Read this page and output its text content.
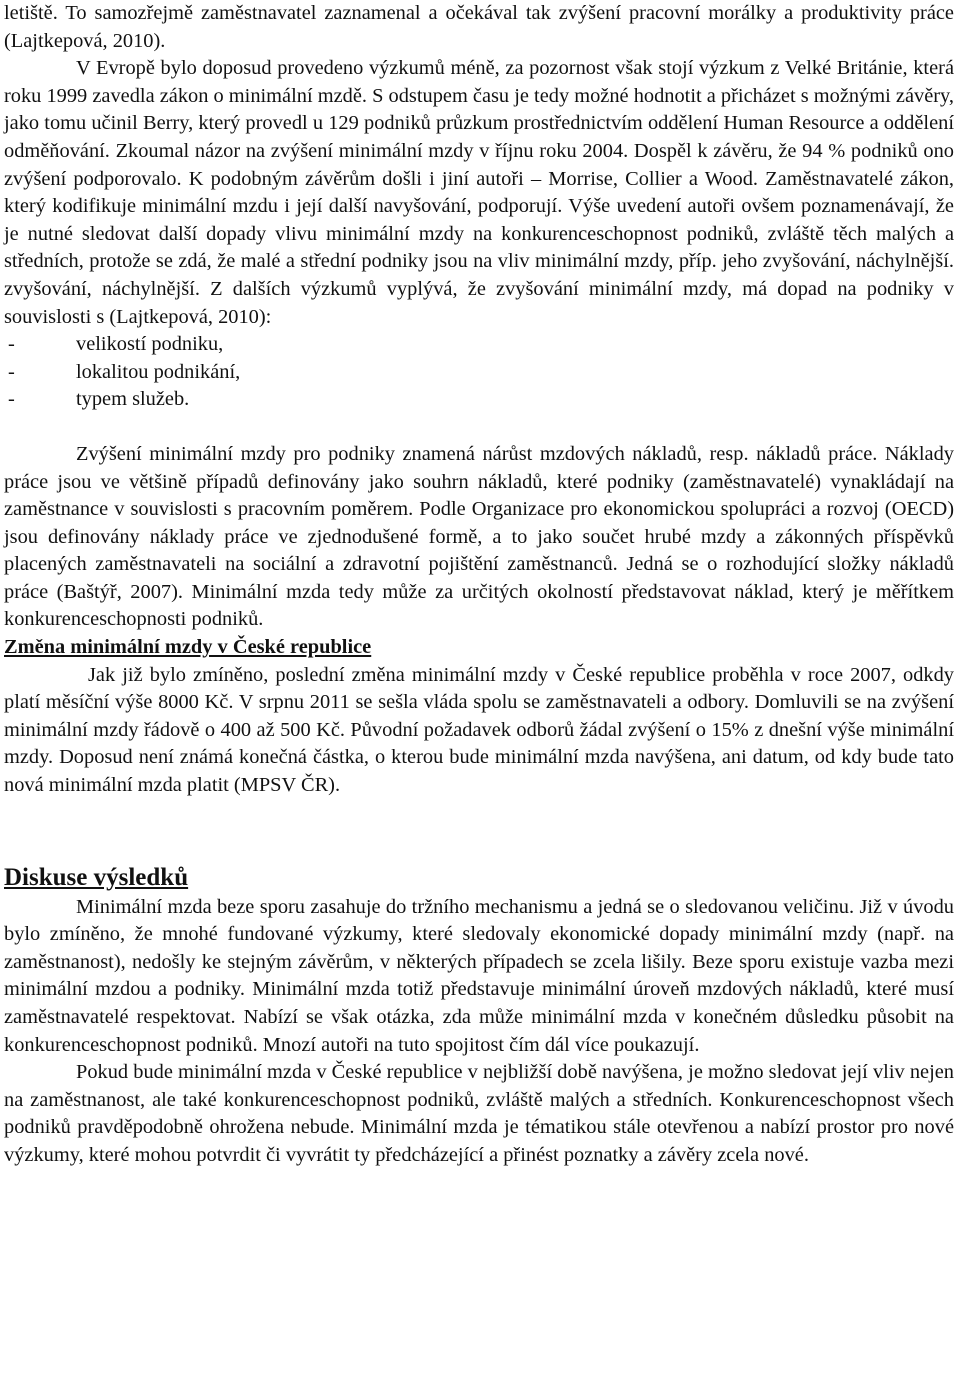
letiště. To samozřejmě zaměstnavatel zaznamenal a očekával tak zvýšení pracovní morálky a produktivity práce (Lajtkepová, 2010).

V Evropě bylo doposud provedeno výzkumů méně, za pozornost však stojí výzkum z Velké Británie, která roku 1999 zavedla zákon o minimální mzdě. S odstupem času je tedy možné hodnotit a přicházet s možnými závěry, jako tomu učinil Berry, který provedl u 129 podniků průzkum prostřednictvím oddělení Human Resource a oddělení odměňování. Zkoumal názor na zvýšení minimální mzdy v říjnu roku 2004. Dospěl k závěru, že 94 % podniků ono zvýšení podporovalo. K podobným závěrům došli i jiní autoři – Morrise, Collier a Wood. Zaměstnavatelé zákon, který kodifikuje minimální mzdu i její další navyšování, podporují. Výše uvedení autoři ovšem poznamenávají, že je nutné sledovat další dopady vlivu minimální mzdy na konkurenceschopnost podniků, zvláště těch malých a středních, protože se zdá, že malé a střední podniky jsou na vliv minimální mzdy, příp. jeho zvyšování, náchylnější. zvyšování, náchylnější. Z dalších výzkumů vyplývá, že zvyšování minimální mzdy, má dopad na podniky v souvislosti s (Lajtkepová, 2010):

- velikostí podniku,
- lokalitou podnikání,
- typem služeb.

Zvýšení minimální mzdy pro podniky znamená nárůst mzdových nákladů, resp. nákladů práce. Náklady práce jsou ve většině případů definovány jako souhrn nákladů, které podniky (zaměstnavatelé) vynakládají na zaměstnance v souvislosti s pracovním poměrem. Podle Organizace pro ekonomickou spolupráci a rozvoj (OECD) jsou definovány náklady práce ve zjednodušené formě, a to jako součet hrubé mzdy a zákonných příspěvků placených zaměstnavateli na sociální a zdravotní pojištění zaměstnanců. Jedná se o rozhodující složky nákladů práce (Baštýř, 2007). Minimální mzda tedy může za určitých okolností představovat náklad, který je měřítkem konkurenceschopnosti podniků.

Změna minimální mzdy v České republice

Jak již bylo zmíněno, poslední změna minimální mzdy v České republice proběhla v roce 2007, odkdy platí měsíční výše 8000 Kč. V srpnu 2011 se sešla vláda spolu se zaměstnavateli a odbory. Domluvili se na zvýšení minimální mzdy řádově o 400 až 500 Kč. Původní požadavek odborů žádal zvýšení o 15% z dnešní výše minimální mzdy. Doposud není známá konečná částka, o kterou bude minimální mzda navýšena, ani datum, od kdy bude tato nová minimální mzda platit (MPSV ČR).

Diskuse výsledků

Minimální mzda beze sporu zasahuje do tržního mechanismu a jedná se o sledovanou veličinu. Již v úvodu bylo zmíněno, že mnohé fundované výzkumy, které sledovaly ekonomické dopady minimální mzdy (např. na zaměstnanost), nedošly ke stejným závěrům, v některých případech se zcela lišily. Beze sporu existuje vazba mezi minimální mzdou a podniky. Minimální mzda totiž představuje minimální úroveň mzdových nákladů, které musí zaměstnavatelé respektovat. Nabízí se však otázka, zda může minimální mzda v konečném důsledku působit na konkurenceschopnost podniků. Mnozí autoři na tuto spojitost čím dál více poukazují.

Pokud bude minimální mzda v České republice v nejbližší době navýšena, je možno sledovat její vliv nejen na zaměstnanost, ale také konkurenceschopnost podniků, zvláště malých a středních. Konkurenceschopnost všech podniků pravděpodobně ohrožena nebude. Minimální mzda je tématikou stále otevřenou a nabízí prostor pro nové výzkumy, které mohou potvrdit či vyvrátit ty předcházející a přinést poznatky a závěry zcela nové.
